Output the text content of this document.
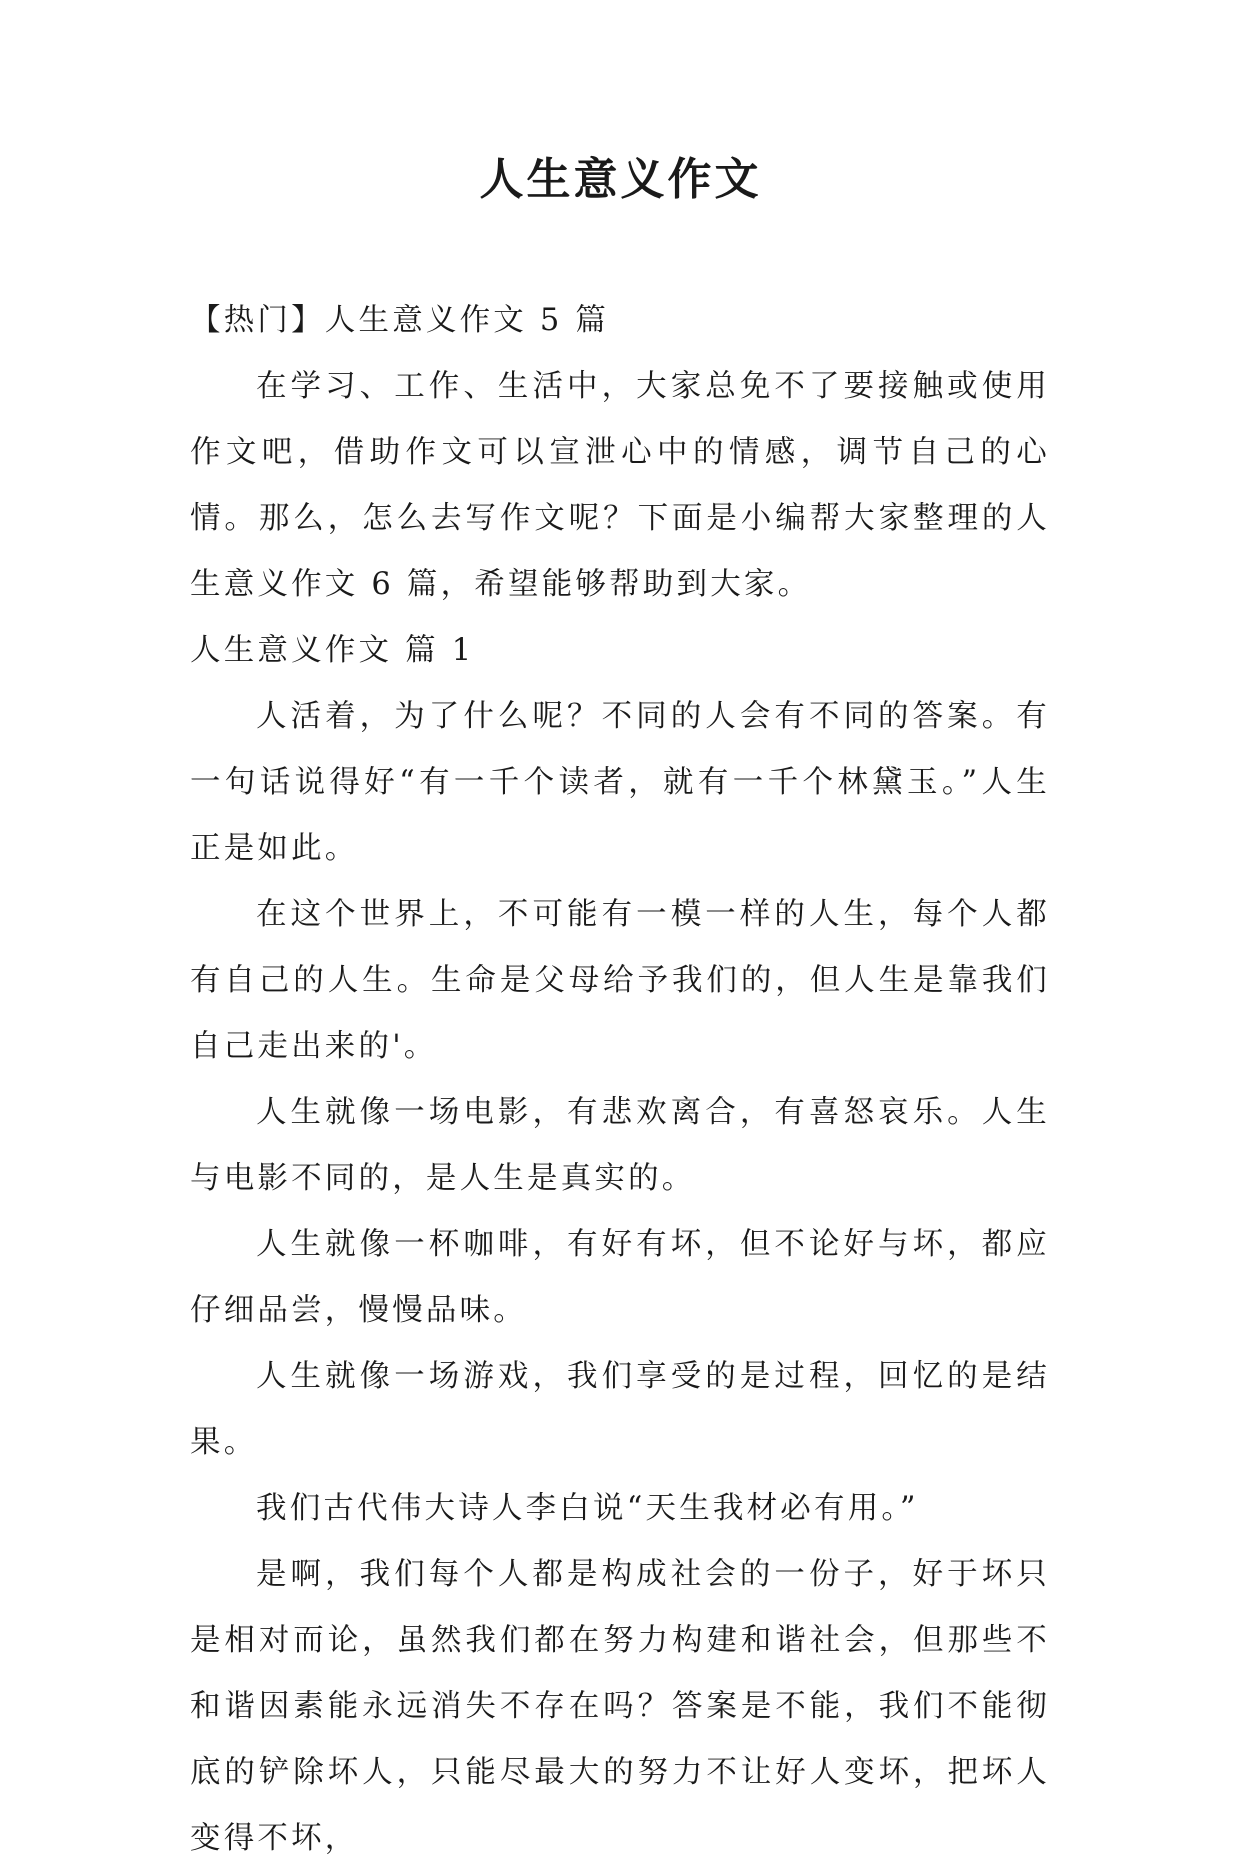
人生意义作文

【热门】人生意义作文 5 篇

在学习、工作、生活中，大家总免不了要接触或使用作文吧，借助作文可以宣泄心中的情感，调节自己的心情。那么，怎么去写作文呢？下面是小编帮大家整理的人生意义作文 6 篇，希望能够帮助到大家。

人生意义作文 篇 1

人活着，为了什么呢？不同的人会有不同的答案。有一句话说得好“有一千个读者，就有一千个林黛玉。”人生正是如此。

在这个世界上，不可能有一模一样的人生，每个人都有自己的人生。生命是父母给予我们的，但人生是靠我们自己走出来的'。

人生就像一场电影，有悲欢离合，有喜怒哀乐。人生与电影不同的，是人生是真实的。

人生就像一杯咖啡，有好有坏，但不论好与坏，都应仔细品尝，慢慢品味。

人生就像一场游戏，我们享受的是过程，回忆的是结果。

我们古代伟大诗人李白说“天生我材必有用。”

是啊，我们每个人都是构成社会的一份子，好于坏只是相对而论，虽然我们都在努力构建和谐社会，但那些不和谐因素能永远消失不存在吗？答案是不能，我们不能彻底的铲除坏人，只能尽最大的努力不让好人变坏，把坏人变得不坏，
